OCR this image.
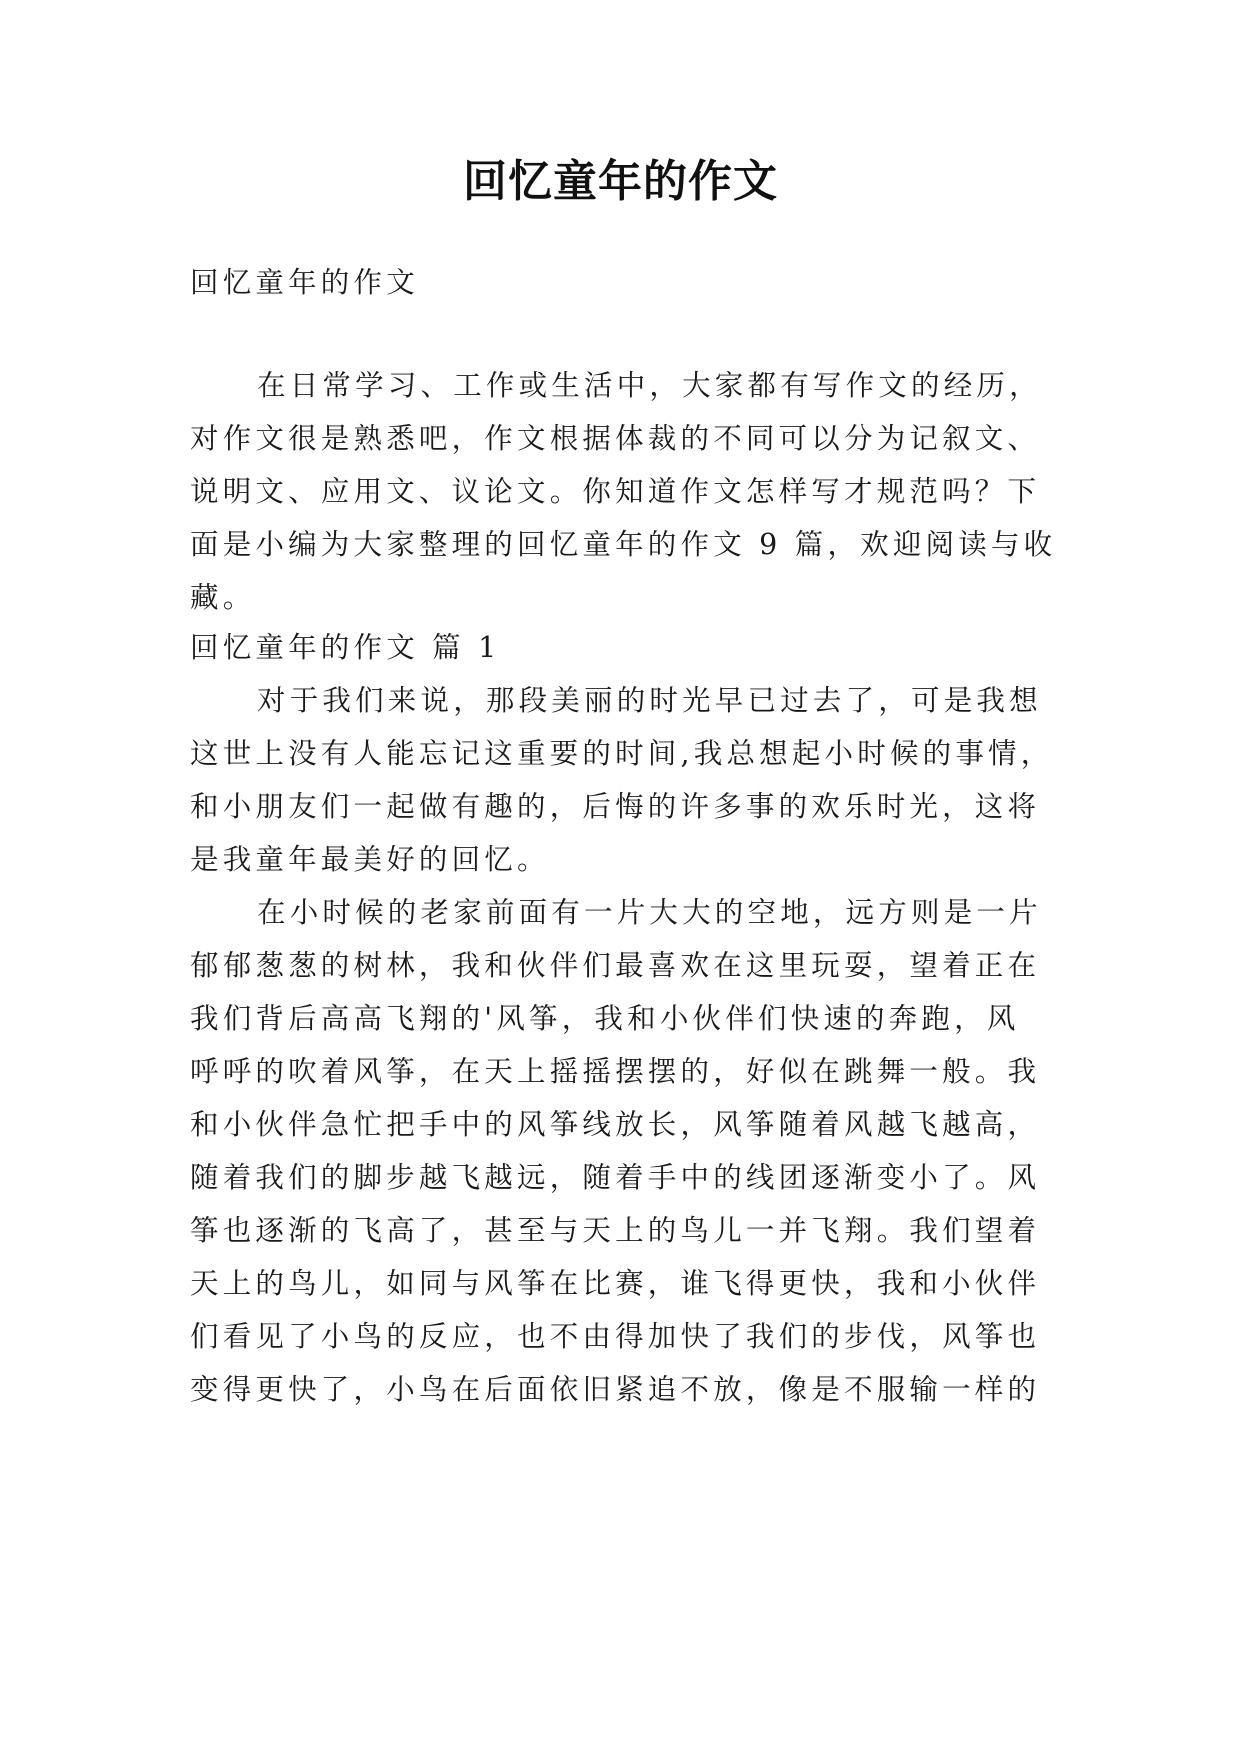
回忆童年的作文
回忆童年的作文
在日常学习、工作或生活中，大家都有写作文的经历，
对作文很是熟悉吧，作文根据体裁的不同可以分为记叙文、
说明文、应用文、议论文。你知道作文怎样写才规范吗？下
面是小编为大家整理的回忆童年的作文 9 篇，欢迎阅读与收
藏。
回忆童年的作文 篇 1
对于我们来说，那段美丽的时光早已过去了，可是我想
这世上没有人能忘记这重要的时间,我总想起小时候的事情，
和小朋友们一起做有趣的，后悔的许多事的欢乐时光，这将
是我童年最美好的回忆。
在小时候的老家前面有一片大大的空地，远方则是一片
郁郁葱葱的树林，我和伙伴们最喜欢在这里玩耍，望着正在
我们背后高高飞翔的'风筝，我和小伙伴们快速的奔跑，风
呼呼的吹着风筝，在天上摇摇摆摆的，好似在跳舞一般。我
和小伙伴急忙把手中的风筝线放长，风筝随着风越飞越高，
随着我们的脚步越飞越远，随着手中的线团逐渐变小了。风
筝也逐渐的飞高了，甚至与天上的鸟儿一并飞翔。我们望着
天上的鸟儿，如同与风筝在比赛，谁飞得更快，我和小伙伴
们看见了小鸟的反应，也不由得加快了我们的步伐，风筝也
变得更快了，小鸟在后面依旧紧追不放，像是不服输一样的
